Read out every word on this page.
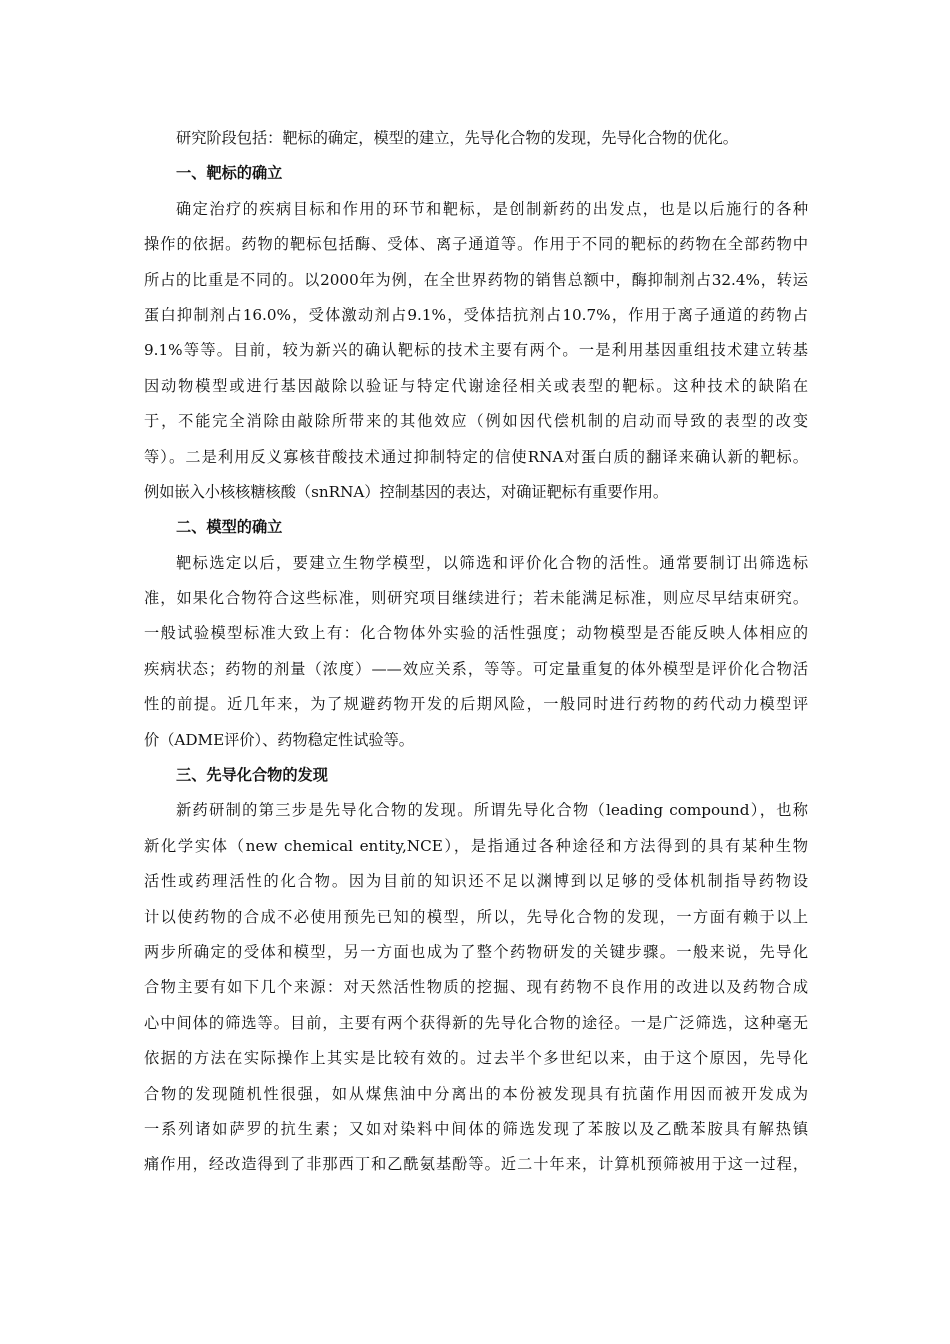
研究阶段包括：靶标的确定，模型的建立，先导化合物的发现，先导化合物的优化。
一、靶标的确立
确定治疗的疾病目标和作用的环节和靶标，是创制新药的出发点，也是以后施行的各种
操作的依据。药物的靶标包括酶、受体、离子通道等。作用于不同的靶标的药物在全部药物中
所占的比重是不同的。以2000年为例，在全世界药物的销售总额中，酶抑制剂占32.4%，转运
蛋白抑制剂占16.0%，受体激动剂占9.1%，受体拮抗剂占10.7%，作用于离子通道的药物占
9.1%等等。目前，较为新兴的确认靶标的技术主要有两个。一是利用基因重组技术建立转基
因动物模型或进行基因敲除以验证与特定代谢途径相关或表型的靶标。这种技术的缺陷在
于，不能完全消除由敲除所带来的其他效应（例如因代偿机制的启动而导致的表型的改变
等）。二是利用反义寡核苷酸技术通过抑制特定的信使RNA对蛋白质的翻译来确认新的靶标。
例如嵌入小核核糖核酸（snRNA）控制基因的表达，对确证靶标有重要作用。
二、模型的确立
靶标选定以后，要建立生物学模型，以筛选和评价化合物的活性。通常要制订出筛选标
准，如果化合物符合这些标准，则研究项目继续进行；若未能满足标准，则应尽早结束研究。
一般试验模型标准大致上有：化合物体外实验的活性强度；动物模型是否能反映人体相应的
疾病状态；药物的剂量（浓度）——效应关系，等等。可定量重复的体外模型是评价化合物活
性的前提。近几年来，为了规避药物开发的后期风险，一般同时进行药物的药代动力模型评
价（ADME评价）、药物稳定性试验等。
三、先导化合物的发现
新药研制的第三步是先导化合物的发现。所谓先导化合物（leading compound），也称
新化学实体（new chemical entity,NCE），是指通过各种途径和方法得到的具有某种生物
活性或药理活性的化合物。因为目前的知识还不足以渊博到以足够的受体机制指导药物设
计以使药物的合成不必使用预先已知的模型，所以，先导化合物的发现，一方面有赖于以上
两步所确定的受体和模型，另一方面也成为了整个药物研发的关键步骤。一般来说，先导化
合物主要有如下几个来源：对天然活性物质的挖掘、现有药物不良作用的改进以及药物合成
心中间体的筛选等。目前，主要有两个获得新的先导化合物的途径。一是广泛筛选，这种毫无
依据的方法在实际操作上其实是比较有效的。过去半个多世纪以来，由于这个原因，先导化
合物的发现随机性很强，如从煤焦油中分离出的本份被发现具有抗菌作用因而被开发成为
一系列诸如萨罗的抗生素；又如对染料中间体的筛选发现了苯胺以及乙酰苯胺具有解热镇
痛作用，经改造得到了非那西丁和乙酰氨基酚等。近二十年来，计算机预筛被用于这一过程，
